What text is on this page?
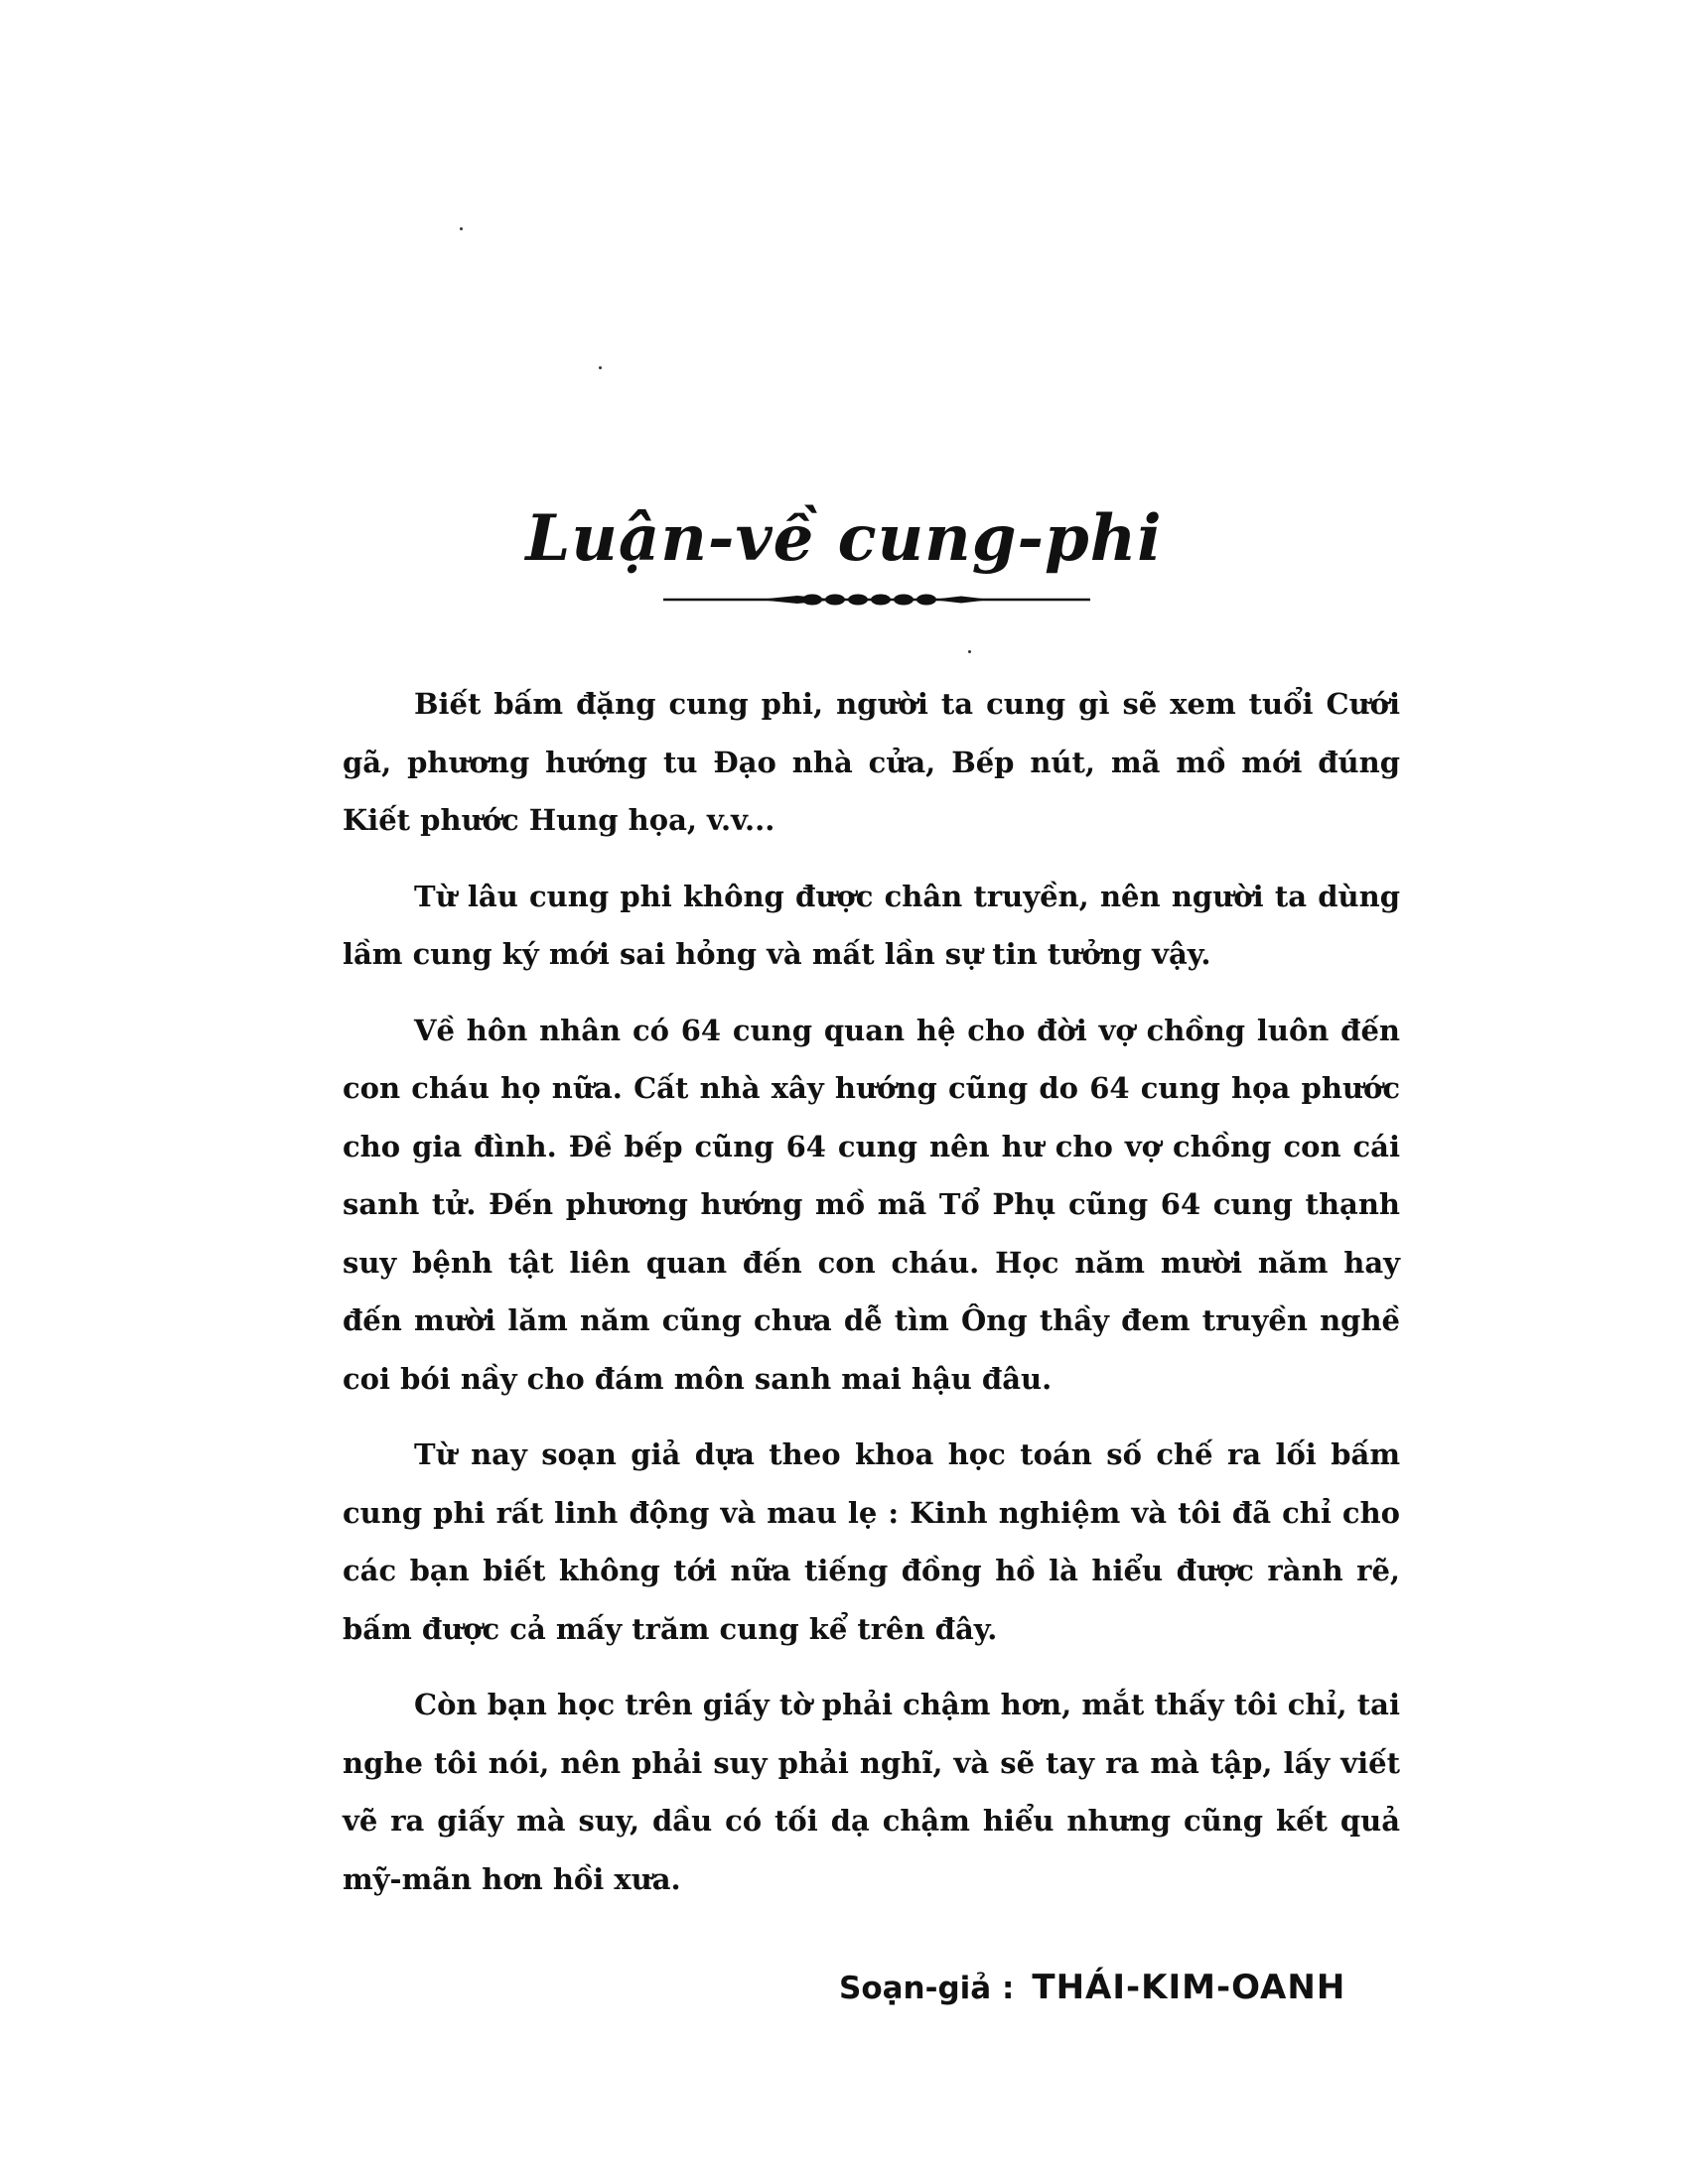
Luận-về cung-phi

Biết bấm đặng cung phi, người ta cung gì sẽ xem tuổi Cưới gã, phương hướng tu Đạo nhà cửa, Bếp nút, mã mồ mới đúng Kiết phước Hung họa, v.v...

Từ lâu cung phi không được chân truyền, nên người ta dùng lầm cung ký mới sai hỏng và mất lần sự tin tưởng vậy.

Về hôn nhân có 64 cung quan hệ cho đời vợ chồng luôn đến con cháu họ nữa. Cất nhà xây hướng cũng do 64 cung họa phước cho gia đình. Đề bếp cũng 64 cung nên hư cho vợ chồng con cái sanh tử. Đến phương hướng mồ mã Tổ Phụ cũng 64 cung thạnh suy bệnh tật liên quan đến con cháu. Học năm mười năm hay đến mười lăm năm cũng chưa dễ tìm Ông thầy đem truyền nghề coi bói nầy cho đám môn sanh mai hậu đâu.

Từ nay soạn giả dựa theo khoa học toán số chế ra lối bấm cung phi rất linh động và mau lẹ : Kinh nghiệm và tôi đã chỉ cho các bạn biết không tới nữa tiếng đồng hồ là hiểu được rành rẽ, bấm được cả mấy trăm cung kể trên đây.

Còn bạn học trên giấy tờ phải chậm hơn, mắt thấy tôi chỉ, tai nghe tôi nói, nên phải suy phải nghĩ, và sẽ tay ra mà tập, lấy viết vẽ ra giấy mà suy, dầu có tối dạ chậm hiểu nhưng cũng kết quả mỹ-mãn hơn hồi xưa.

Soạn-giả : THÁI-KIM-OANH
